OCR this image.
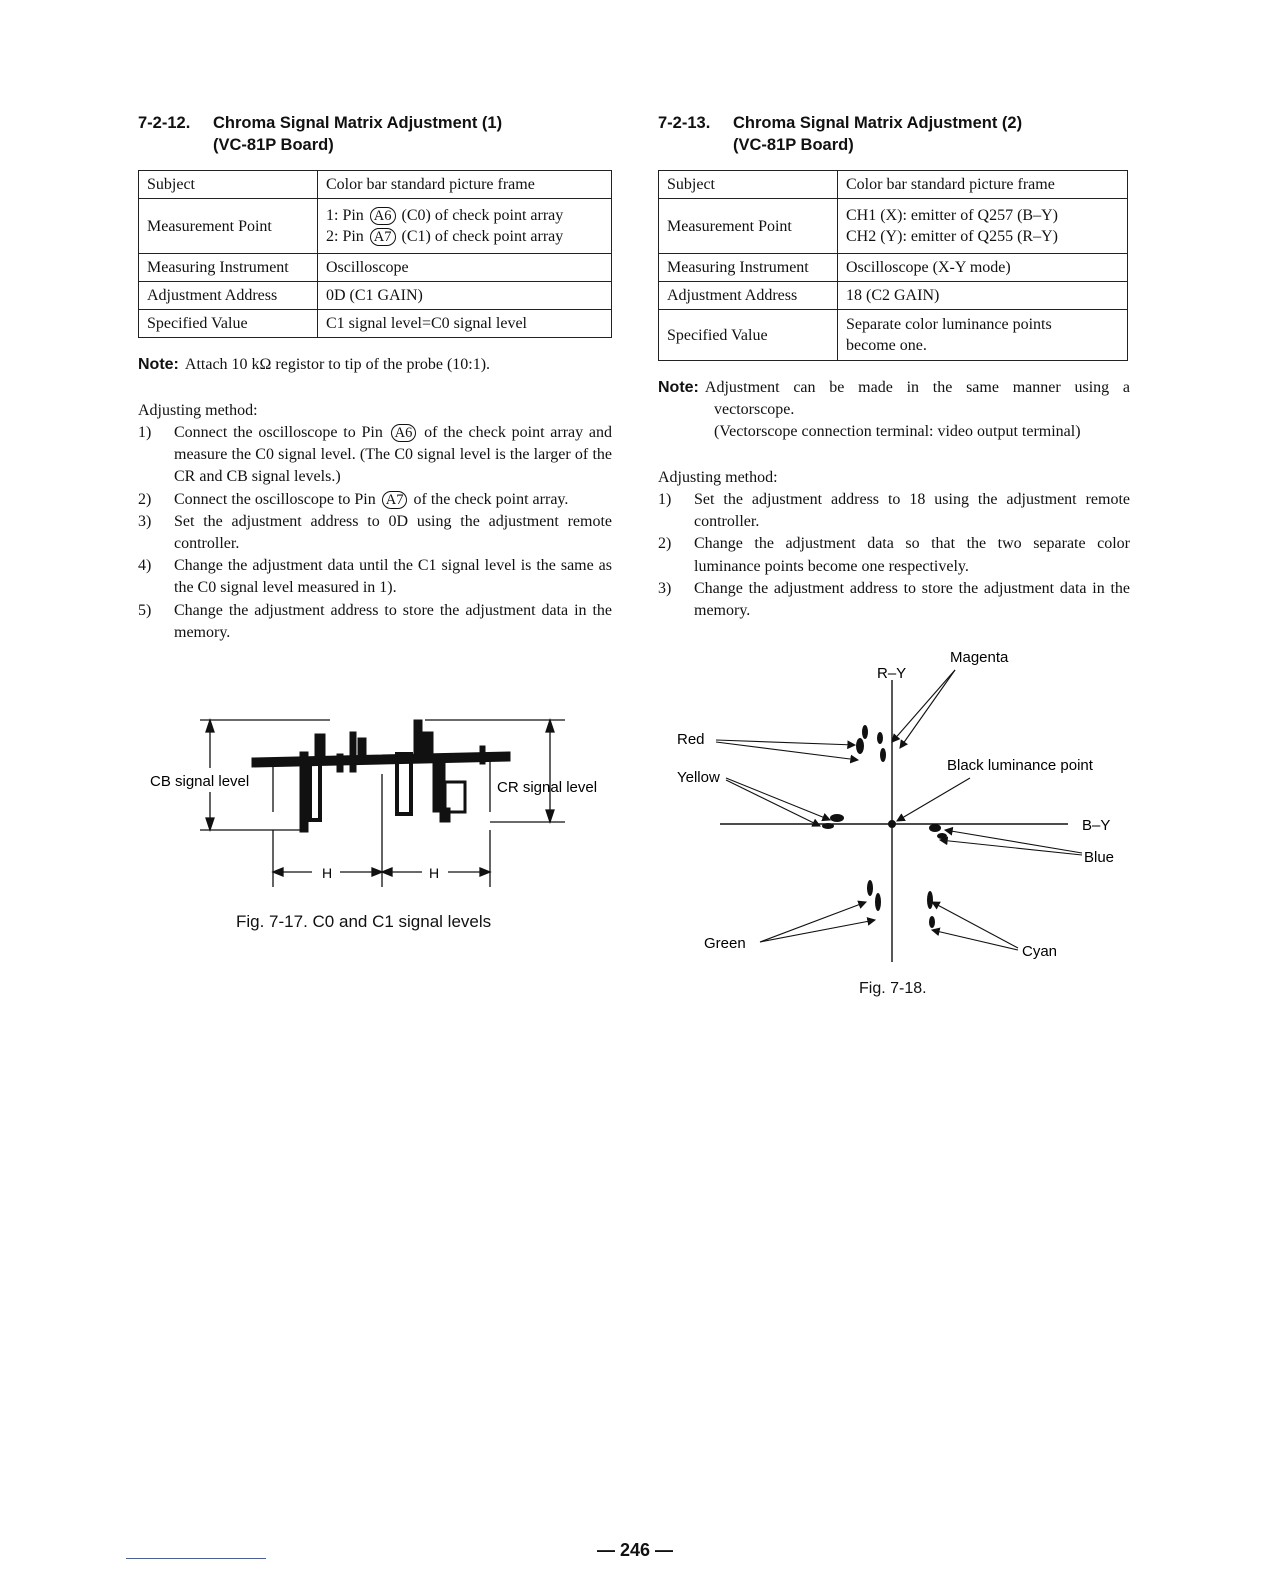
7-2-12.	Chroma Signal Matrix Adjustment (1)
(VC-81P Board)
Subject	Color bar standard picture frame
Measurement Point	1: Pin A6 (C0) of check point array
2: Pin A7 (C1) of check point array

Measuring Instrument	Oscilloscope
Adjustment Address	0D (C1 GAIN)
Specified Value	C1 signal level=C0 signal level
Note: Attach 10 kΩ registor to tip of the probe (10:1).
Adjusting method:
1)	Connect the oscilloscope to Pin A6 of the check point array and measure the C0 signal level. (The C0 signal level is the larger of the CR and CB signal levels.)
2)	Connect the oscilloscope to Pin A7 of the check point array.
3)	Set the adjustment address to 0D using the adjustment remote controller.
4)	Change the adjustment data until the C1 signal level is the same as the C0 signal level measured in 1).
5)	Change the adjustment address to store the adjustment data in the memory.
CB signal level	CR signal level
H	H
Fig. 7-17. C0 and C1 signal levels
7-2-13.	Chroma Signal Matrix Adjustment (2)
(VC-81P Board)
Subject	Color bar standard picture frame
Measurement Point	CH1 (X): emitter of Q257 (B–Y)
CH2 (Y): emitter of Q255 (R–Y)

Measuring Instrument	Oscilloscope (X-Y mode)
Adjustment Address	18 (C2 GAIN)
Specified Value	Separate color luminance points
become one.
Note: Adjustment can be made in the same manner using a
vectorscope.
(Vectorscope connection terminal: video output terminal)
Adjusting method:
1)	Set the adjustment address to 18 using the adjustment remote controller.
2)	Change the adjustment data so that the two separate color luminance points become one respectively.
3)	Change the adjustment address to store the adjustment data in the memory.
Magenta
R–Y
Red
Black luminance point
Yellow
B–Y
Blue
Green	Cyan
Fig. 7-18.
— 246 —
